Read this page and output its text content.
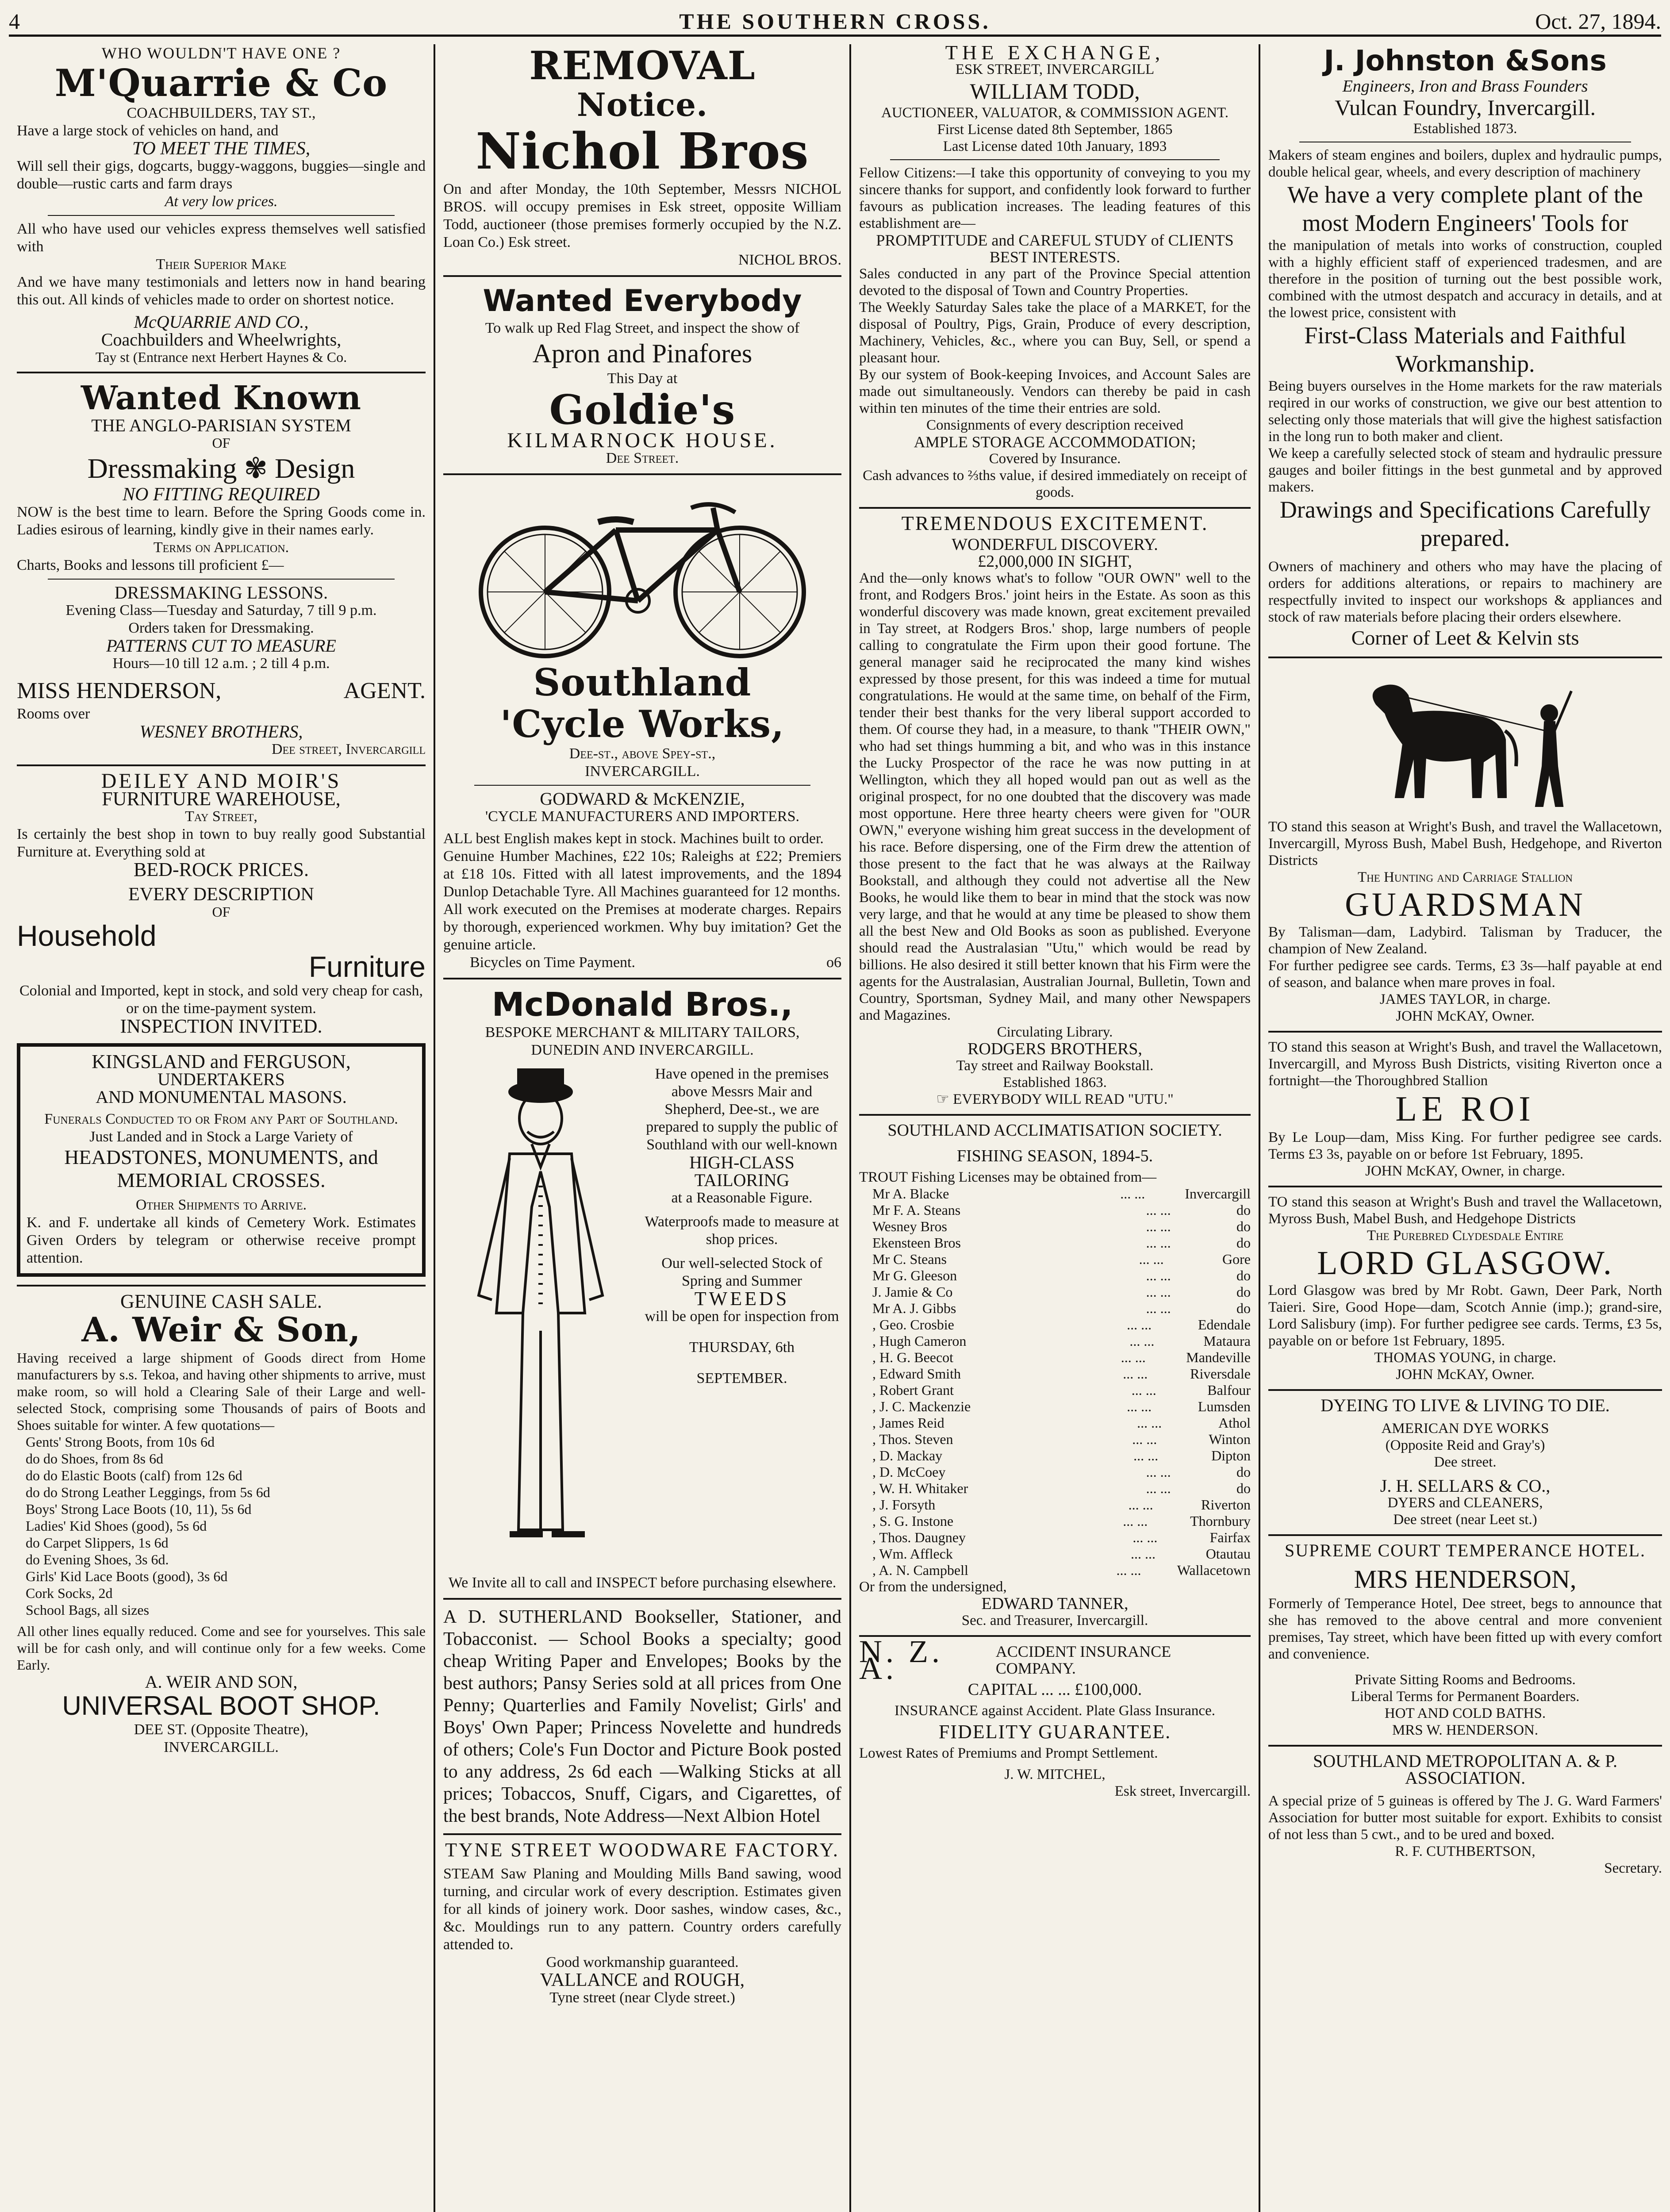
4	THE SOUTHERN CROSS.	Oct. 27, 1894.

WHO WOULDN'T HAVE ONE ?

M'Quarrie & Co

COACHBUILDERS, TAY ST.,

Have a large stock of vehicles on hand, and

TO MEET THE TIMES,

Will sell their gigs, dogcarts, buggy-waggons, buggies—single and double—rustic carts and farm drays

At very low prices.

All who have used our vehicles express themselves well satisfied with

Their Superior Make

And we have many testimonials and letters now in hand bearing this out. All kinds of vehicles made to order on shortest notice.

McQUARRIE AND CO.,

Coachbuilders and Wheelwrights,

Tay st (Entrance next Herbert Haynes & Co.

Wanted Known

THE ANGLO-PARISIAN SYSTEM

OF

Dressmaking ✾ Design

NO FITTING REQUIRED

NOW is the best time to learn. Before the Spring Goods come in. Ladies esirous of learning, kindly give in their names early.

Terms on Application.

Charts, Books and lessons till proficient £—

DRESSMAKING LESSONS.

Evening Class—Tuesday and Saturday, 7 till 9 p.m.

Orders taken for Dressmaking.

PATTERNS CUT TO MEASURE

Hours—10 till 12 a.m. ; 2 till 4 p.m.

MISS HENDERSON,	AGENT.

Rooms over

WESNEY BROTHERS,

Dee street, Invercargill

DEILEY AND MOIR'S

FURNITURE WAREHOUSE,

Tay Street,

Is certainly the best shop in town to buy really good Substantial Furniture at. Everything sold at

BED-ROCK PRICES.

EVERY DESCRIPTION

OF

Household

Furniture

Colonial and Imported, kept in stock, and sold very cheap for cash, or on the time-payment system.

INSPECTION INVITED.

KINGSLAND and FERGUSON,

UNDERTAKERS

AND MONUMENTAL MASONS.

Funerals Conducted to or From any Part of Southland.

Just Landed and in Stock a Large Variety of

HEADSTONES, MONUMENTS, and MEMORIAL CROSSES.

Other Shipments to Arrive.

K. and F. undertake all kinds of Cemetery Work. Estimates Given Orders by telegram or otherwise receive prompt attention.

GENUINE CASH SALE.

A. Weir & Son,

Having received a large shipment of Goods direct from Home manufacturers by s.s. Tekoa, and having other shipments to arrive, must make room, so will hold a Clearing Sale of their Large and well-selected Stock, comprising some Thousands of pairs of Boots and Shoes suitable for winter. A few quotations—

Gents' Strong Boots, from 10s 6d

do do Shoes, from 8s 6d

do do Elastic Boots (calf) from 12s 6d

do do Strong Leather Leggings, from 5s 6d

Boys' Strong Lace Boots (10, 11), 5s 6d

Ladies' Kid Shoes (good), 5s 6d

do Carpet Slippers, 1s 6d

do Evening Shoes, 3s 6d.

Girls' Kid Lace Boots (good), 3s 6d

Cork Socks, 2d

School Bags, all sizes

All other lines equally reduced. Come and see for yourselves. This sale will be for cash only, and will continue only for a few weeks. Come Early.

A. WEIR AND SON,

UNIVERSAL BOOT SHOP.

DEE ST. (Opposite Theatre),

INVERCARGILL.

REMOVAL

Notice.

Nichol Bros

On and after Monday, the 10th September, Messrs NICHOL BROS. will occupy premises in Esk street, opposite William Todd, auctioneer (those premises formerly occupied by the N.Z. Loan Co.) Esk street.

NICHOL BROS.

Wanted Everybody

To walk up Red Flag Street, and inspect the show of

Apron and Pinafores

This Day at

Goldie's

KILMARNOCK HOUSE.

Dee Street.

Southland

'Cycle Works,

Dee-st., above Spey-st.,

INVERCARGILL.

GODWARD & McKENZIE,

'CYCLE MANUFACTURERS AND IMPORTERS.

ALL best English makes kept in stock. Machines built to order.

Genuine Humber Machines, £22 10s; Raleighs at £22; Premiers at £18 10s. Fitted with all latest improvements, and the 1894 Dunlop Detachable Tyre. All Machines guaranteed for 12 months.

All work executed on the Premises at moderate charges. Repairs by thorough, experienced workmen. Why buy imitation? Get the genuine article.

Bicycles on Time Payment.	o6

McDonald Bros.,

BESPOKE MERCHANT & MILITARY TAILORS,

DUNEDIN AND INVERCARGILL.

Have opened in the premises above Messrs Mair and Shepherd, Dee-st., we are prepared to supply the public of Southland with our well-known

HIGH-CLASS TAILORING

at a Reasonable Figure.

Waterproofs made to measure at shop prices.

Our well-selected Stock of Spring and Summer

TWEEDS

will be open for inspection from

THURSDAY, 6th

SEPTEMBER.

We Invite all to call and INSPECT before purchasing elsewhere.

A D. SUTHERLAND Bookseller, Stationer, and Tobacconist. — School Books a specialty; good cheap Writing Paper and Envelopes; Books by the best authors; Pansy Series sold at all prices from One Penny; Quarterlies and Family Novelist; Girls' and Boys' Own Paper; Princess Novelette and hundreds of others; Cole's Fun Doctor and Picture Book posted to any address, 2s 6d each —Walking Sticks at all prices; Tobaccos, Snuff, Cigars, and Cigarettes, of the best brands, Note Address—Next Albion Hotel

TYNE STREET WOODWARE FACTORY.

STEAM Saw Planing and Moulding Mills Band sawing, wood turning, and circular work of every description. Estimates given for all kinds of joinery work. Door sashes, window cases, &c., &c. Mouldings run to any pattern. Country orders carefully attended to.

Good workmanship guaranteed.

VALLANCE and ROUGH,

Tyne street (near Clyde street.)

THE EXCHANGE,

ESK STREET, INVERCARGILL

WILLIAM TODD,

AUCTIONEER, VALUATOR, & COMMISSION AGENT.

First License dated 8th September, 1865

Last License dated 10th January, 1893

Fellow Citizens:—I take this opportunity of conveying to you my sincere thanks for support, and confidently look forward to further favours as publication increases. The leading features of this establishment are—

PROMPTITUDE and CAREFUL STUDY of CLIENTS BEST INTERESTS.

Sales conducted in any part of the Province Special attention devoted to the disposal of Town and Country Properties.

The Weekly Saturday Sales take the place of a MARKET, for the disposal of Poultry, Pigs, Grain, Produce of every description, Machinery, Vehicles, &c., where you can Buy, Sell, or spend a pleasant hour.

By our system of Book-keeping Invoices, and Account Sales are made out simultaneously. Vendors can thereby be paid in cash within ten minutes of the time their entries are sold.

Consignments of every description received

AMPLE STORAGE ACCOMMODATION;

Covered by Insurance.

Cash advances to ⅔ths value, if desired immediately on receipt of goods.

TREMENDOUS EXCITEMENT.

WONDERFUL DISCOVERY.

£2,000,000 IN SIGHT,

And the—only knows what's to follow "OUR OWN" well to the front, and Rodgers Bros.' joint heirs in the Estate. As soon as this wonderful discovery was made known, great excitement prevailed in Tay street, at Rodgers Bros.' shop, large numbers of people calling to congratulate the Firm upon their good fortune. The general manager said he reciprocated the many kind wishes expressed by those present, for this was indeed a time for mutual congratulations. He would at the same time, on behalf of the Firm, tender their best thanks for the very liberal support accorded to them. Of course they had, in a measure, to thank "THEIR OWN," who had set things humming a bit, and who was in this instance the Lucky Prospector of the race he was now putting in at Wellington, which they all hoped would pan out as well as the original prospect, for no one doubted that the discovery was made most opportune. Here three hearty cheers were given for "OUR OWN," everyone wishing him great success in the development of his race. Before dispersing, one of the Firm drew the attention of those present to the fact that he was always at the Railway Bookstall, and although they could not advertise all the New Books, he would like them to bear in mind that the stock was now very large, and that he would at any time be pleased to show them all the best New and Old Books as soon as published. Everyone should read the Australasian "Utu," which would be read by billions. He also desired it still better known that his Firm were the agents for the Australasian, Australian Journal, Bulletin, Town and Country, Sportsman, Sydney Mail, and many other Newspapers and Magazines.

Circulating Library.

RODGERS BROTHERS,

Tay street and Railway Bookstall.

Established 1863.

☞ EVERYBODY WILL READ "UTU."

SOUTHLAND ACCLIMATISATION SOCIETY.

FISHING SEASON, 1894-5.

TROUT Fishing Licenses may be obtained from—

Mr A. Blacke	... ...	Invercargill
Mr F. A. Steans	... ...	do
Wesney Bros	... ...	do
Ekensteen Bros	... ...	do
Mr C. Steans	... ...	Gore
Mr G. Gleeson	... ...	do
J. Jamie & Co	... ...	do
Mr A. J. Gibbs	... ...	do
, Geo. Crosbie	... ...	Edendale
, Hugh Cameron	... ...	Mataura
, H. G. Beecot	... ...	Mandeville
, Edward Smith	... ...	Riversdale
, Robert Grant	... ...	Balfour
, J. C. Mackenzie	... ...	Lumsden
, James Reid	... ...	Athol
, Thos. Steven	... ...	Winton
, D. Mackay	... ...	Dipton
, D. McCoey	... ...	do
, W. H. Whitaker	... ...	do
, J. Forsyth	... ...	Riverton
, S. G. Instone	... ...	Thornbury
, Thos. Daugney	... ...	Fairfax
, Wm. Affleck	... ...	Otautau
, A. N. Campbell	... ...	Wallacetown

Or from the undersigned,

EDWARD TANNER,

Sec. and Treasurer, Invercargill.

N. Z. A.	ACCIDENT INSURANCE COMPANY.

CAPITAL ... ... £100,000.

INSURANCE against Accident. Plate Glass Insurance.

FIDELITY GUARANTEE.

Lowest Rates of Premiums and Prompt Settlement.

J. W. MITCHEL,

Esk street, Invercargill.

J. Johnston &Sons

Engineers, Iron and Brass Founders

Vulcan Foundry, Invercargill.

Established 1873.

Makers of steam engines and boilers, duplex and hydraulic pumps, double helical gear, wheels, and every description of machinery

We have a very complete plant of the most Modern Engineers' Tools for

the manipulation of metals into works of construction, coupled with a highly efficient staff of experienced tradesmen, and are therefore in the position of turning out the best possible work, combined with the utmost despatch and accuracy in details, and at the lowest price, consistent with

First-Class Materials and Faithful Workmanship.

Being buyers ourselves in the Home markets for the raw materials reqired in our works of construction, we give our best attention to selecting only those materials that will give the highest satisfaction in the long run to both maker and client.

We keep a carefully selected stock of steam and hydraulic pressure gauges and boiler fittings in the best gunmetal and by approved makers.

Drawings and Specifications Carefully prepared.

Owners of machinery and others who may have the placing of orders for additions alterations, or repairs to machinery are respectfully invited to inspect our workshops & appliances and stock of raw materials before placing their orders elsewhere.

Corner of Leet & Kelvin sts

TO stand this season at Wright's Bush, and travel the Wallacetown, Invercargill, Myross Bush, Mabel Bush, Hedgehope, and Riverton Districts

The Hunting and Carriage Stallion

GUARDSMAN

By Talisman—dam, Ladybird. Talisman by Traducer, the champion of New Zealand.

For further pedigree see cards. Terms, £3 3s—half payable at end of season, and balance when mare proves in foal.

JAMES TAYLOR, in charge.

JOHN McKAY, Owner.

TO stand this season at Wright's Bush, and travel the Wallacetown, Invercargill, and Myross Bush Districts, visiting Riverton once a fortnight—the Thoroughbred Stallion

LE ROI

By Le Loup—dam, Miss King. For further pedigree see cards. Terms £3 3s, payable on or before 1st February, 1895.

JOHN McKAY, Owner, in charge.

TO stand this season at Wright's Bush and travel the Wallacetown, Myross Bush, Mabel Bush, and Hedgehope Districts

The Purebred Clydesdale Entire

LORD GLASGOW.

Lord Glasgow was bred by Mr Robt. Gawn, Deer Park, North Taieri. Sire, Good Hope—dam, Scotch Annie (imp.); grand-sire, Lord Salisbury (imp). For further pedigree see cards. Terms, £3 5s, payable on or before 1st February, 1895.

THOMAS YOUNG, in charge.

JOHN McKAY, Owner.

DYEING TO LIVE & LIVING TO DIE.

AMERICAN DYE WORKS

(Opposite Reid and Gray's)

Dee street.

J. H. SELLARS & CO.,

DYERS and CLEANERS,

Dee street (near Leet st.)

SUPREME COURT TEMPERANCE HOTEL.

MRS HENDERSON,

Formerly of Temperance Hotel, Dee street, begs to announce that she has removed to the above central and more convenient premises, Tay street, which have been fitted up with every comfort and convenience.

Private Sitting Rooms and Bedrooms.

Liberal Terms for Permanent Boarders.

HOT AND COLD BATHS.

MRS W. HENDERSON.

SOUTHLAND METROPOLITAN A. & P. ASSOCIATION.

A special prize of 5 guineas is offered by The J. G. Ward Farmers' Association for butter most suitable for export. Exhibits to consist of not less than 5 cwt., and to be ured and boxed.

R. F. CUTHBERTSON,

Secretary.
